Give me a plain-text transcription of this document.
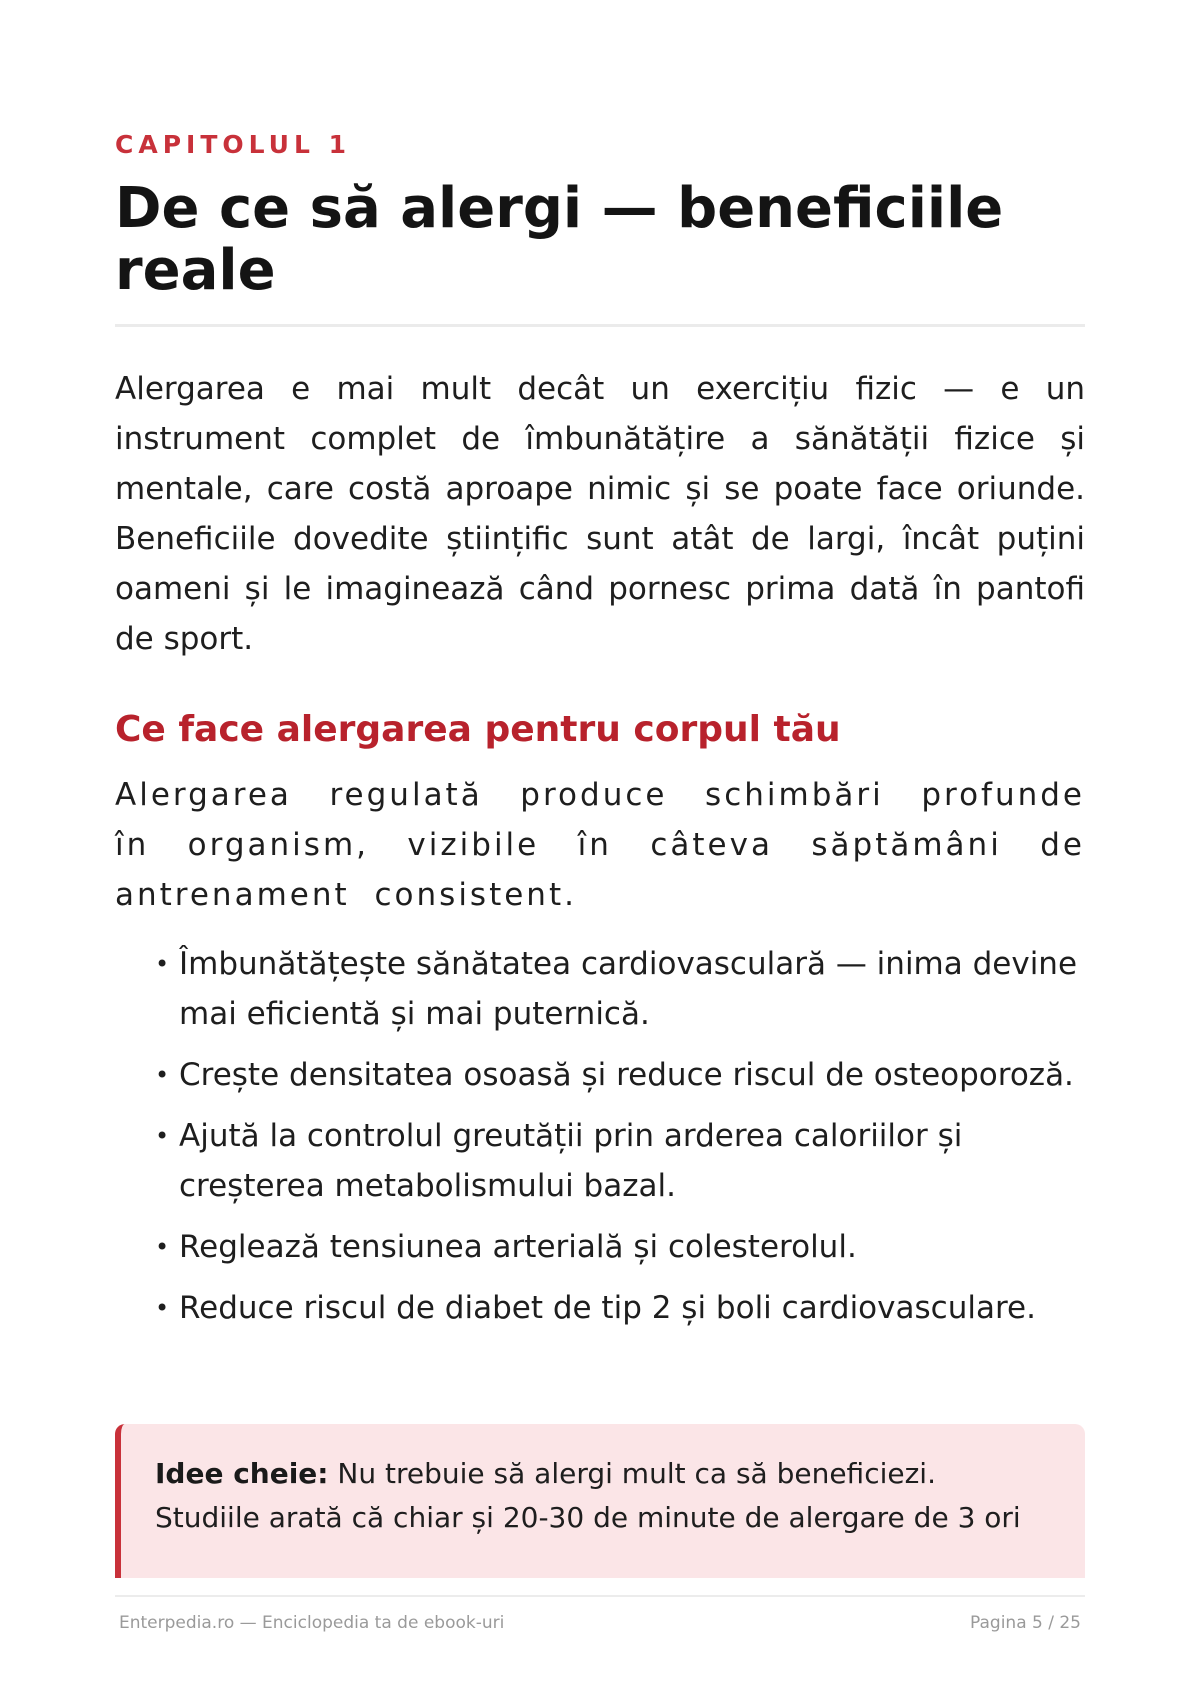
CAPITOLUL 1
De ce să alergi — beneficiile reale

Alergarea e mai mult decât un exercițiu fizic — e un instrument complet de îmbunătățire a sănătății fizice și mentale, care costă aproape nimic și se poate face oriunde. Beneficiile dovedite științific sunt atât de largi, încât puțini oameni și le imaginează când pornesc prima dată în pantofi de sport.

Ce face alergarea pentru corpul tău

Alergarea regulată produce schimbări profunde în organism, vizibile în câteva săptămâni de antrenament consistent.

• Îmbunătățește sănătatea cardiovasculară — inima devine mai eficientă și mai puternică.
• Crește densitatea osoasă și reduce riscul de osteoporoză.
• Ajută la controlul greutății prin arderea caloriilor și creșterea metabolismului bazal.
• Reglează tensiunea arterială și colesterolul.
• Reduce riscul de diabet de tip 2 și boli cardiovasculare.

Idee cheie: Nu trebuie să alergi mult ca să beneficiezi. Studiile arată că chiar și 20-30 de minute de alergare de 3 ori

Enterpedia.ro — Enciclopedia ta de ebook-uri	Pagina 5 / 25
